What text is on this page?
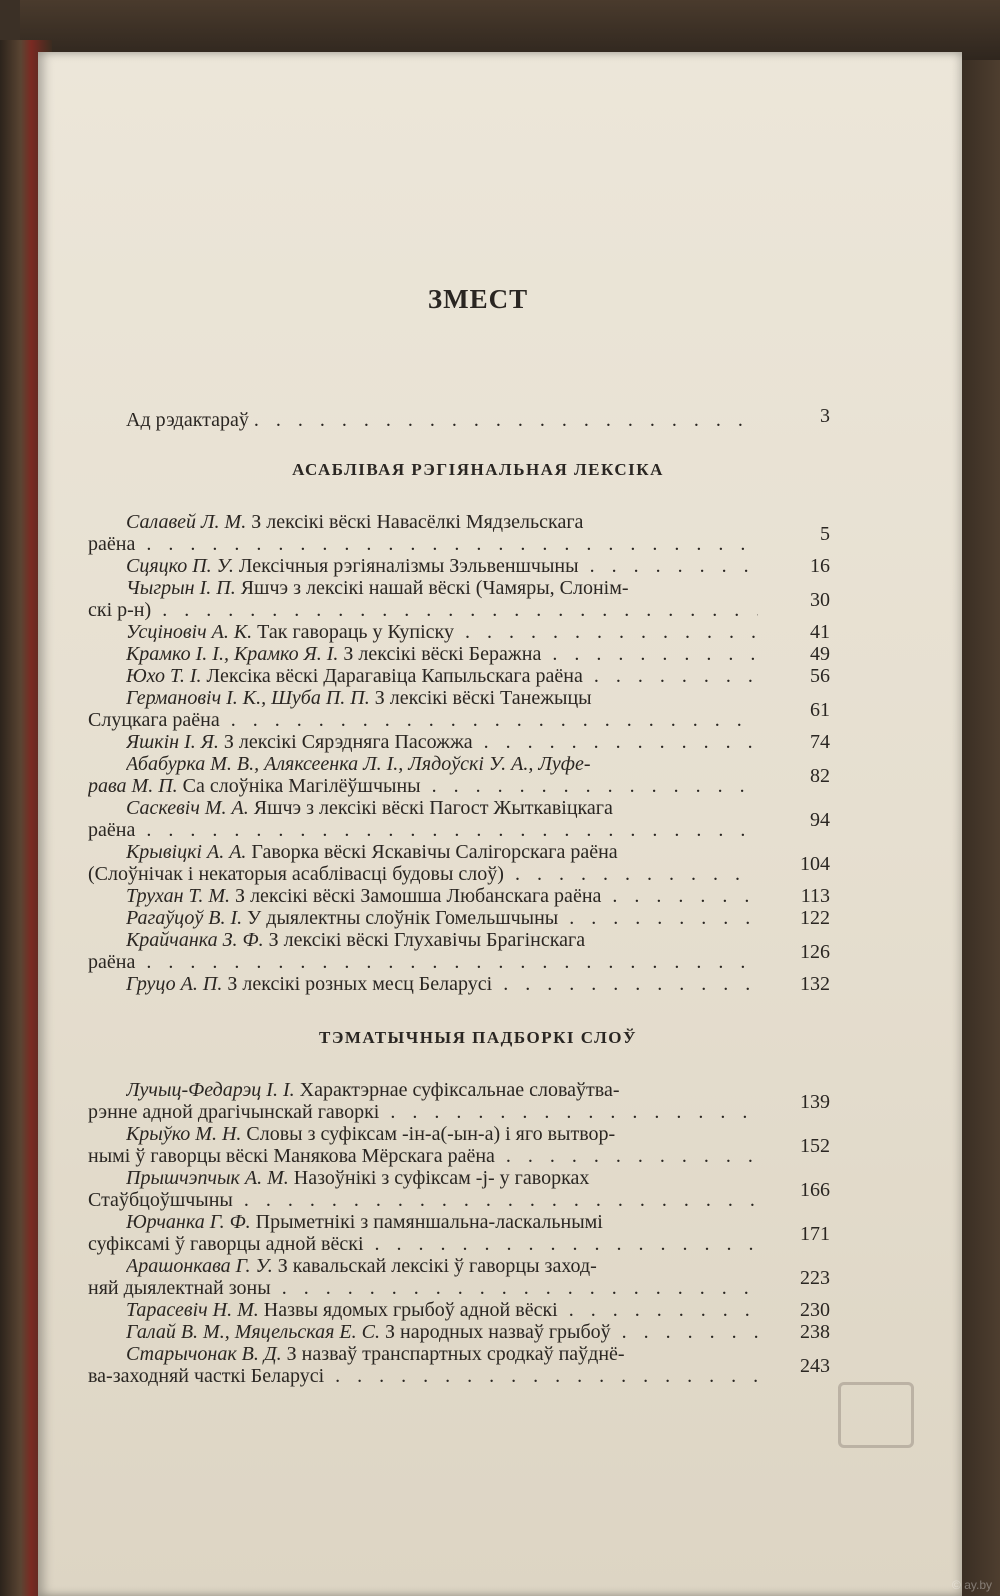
ЗМЕСТ
Ад рэдактараў . . .	3
АСАБЛІВАЯ РЭГІЯНАЛЬНАЯ ЛЕКСІКА
ТЭМАТЫЧНЫЯ ПАДБОРКІ СЛОЎ
Салавей Л. М. З лексікі вёскі Навасёлкі Мядзельскага
раёна . . .	5
Сцяцко П. У. Лексічныя рэгіяналізмы Зэльвеншчыны . . .	16
Чыгрын І. П. Яшчэ з лексікі нашай вёскі (Чамяры, Слонім-
скі р-н) . . .	30
Усціновіч А. К. Так гавораць у Купіску . . .	41
Крамко І. І., Крамко Я. І. З лексікі вёскі Беражна . . .	49
Юхо Т. І. Лексіка вёскі Дарагавіца Капыльскага раёна . . .	56
Германовіч І. К., Шуба П. П. З лексікі вёскі Танежыцы
Слуцкага раёна . . .	61
Яшкін І. Я. З лексікі Сярэдняга Пасожжа . . .	74
Абабурка М. В., Аляксеенка Л. І., Лядоўскі У. А., Луфе-
рава М. П. Са слоўніка Магілёўшчыны . . .	82
Саскевіч М. А. Яшчэ з лексікі вёскі Пагост Жыткавіцкага
раёна . . .	94
Крывіцкі А. А. Гаворка вёскі Яскавічы Салігорскага раёна
(Слоўнічак і некаторыя асаблівасці будовы слоў) . . .	104
Трухан Т. М. З лексікі вёскі Замошша Любанскага раёна . . .	113
Рагаўцоў В. І. У дыялектны слоўнік Гомельшчыны . . .	122
Крайчанка З. Ф. З лексікі вёскі Глухавічы Брагінскага
раёна . . .	126
Груцо А. П. З лексікі розных месц Беларусі . . .	132
Лучыц-Федарэц І. І. Характэрнае суфіксальнае словаўтва-
рэнне адной драгічынскай гаворкі . . .	139
Крыўко М. Н. Словы з суфіксам -ін-а(-ын-а) і яго вытвор-
нымі ў гаворцы вёскі Манякова Мёрскага раёна . . .	152
Прышчэпчык А. М. Назоўнікі з суфіксам -j- у гаворках
Стаўбцоўшчыны . . .	166
Юрчанка Г. Ф. Прыметнікі з памяншальна-ласкальнымі
суфіксамі ў гаворцы адной вёскі . . .	171
Арашонкава Г. У. З кавальскай лексікі ў гаворцы заход-
няй дыялектнай зоны . . .	223
Тарасевіч Н. М. Назвы ядомых грыбоў адной вёскі . . .	230
Галай В. М., Мяцельская Е. С. З народных назваў грыбоў . . .	238
Старычонак В. Д. З назваў транспартных сродкаў паўднё-
ва-заходняй часткі Беларусі . . .	243
© ay.by
